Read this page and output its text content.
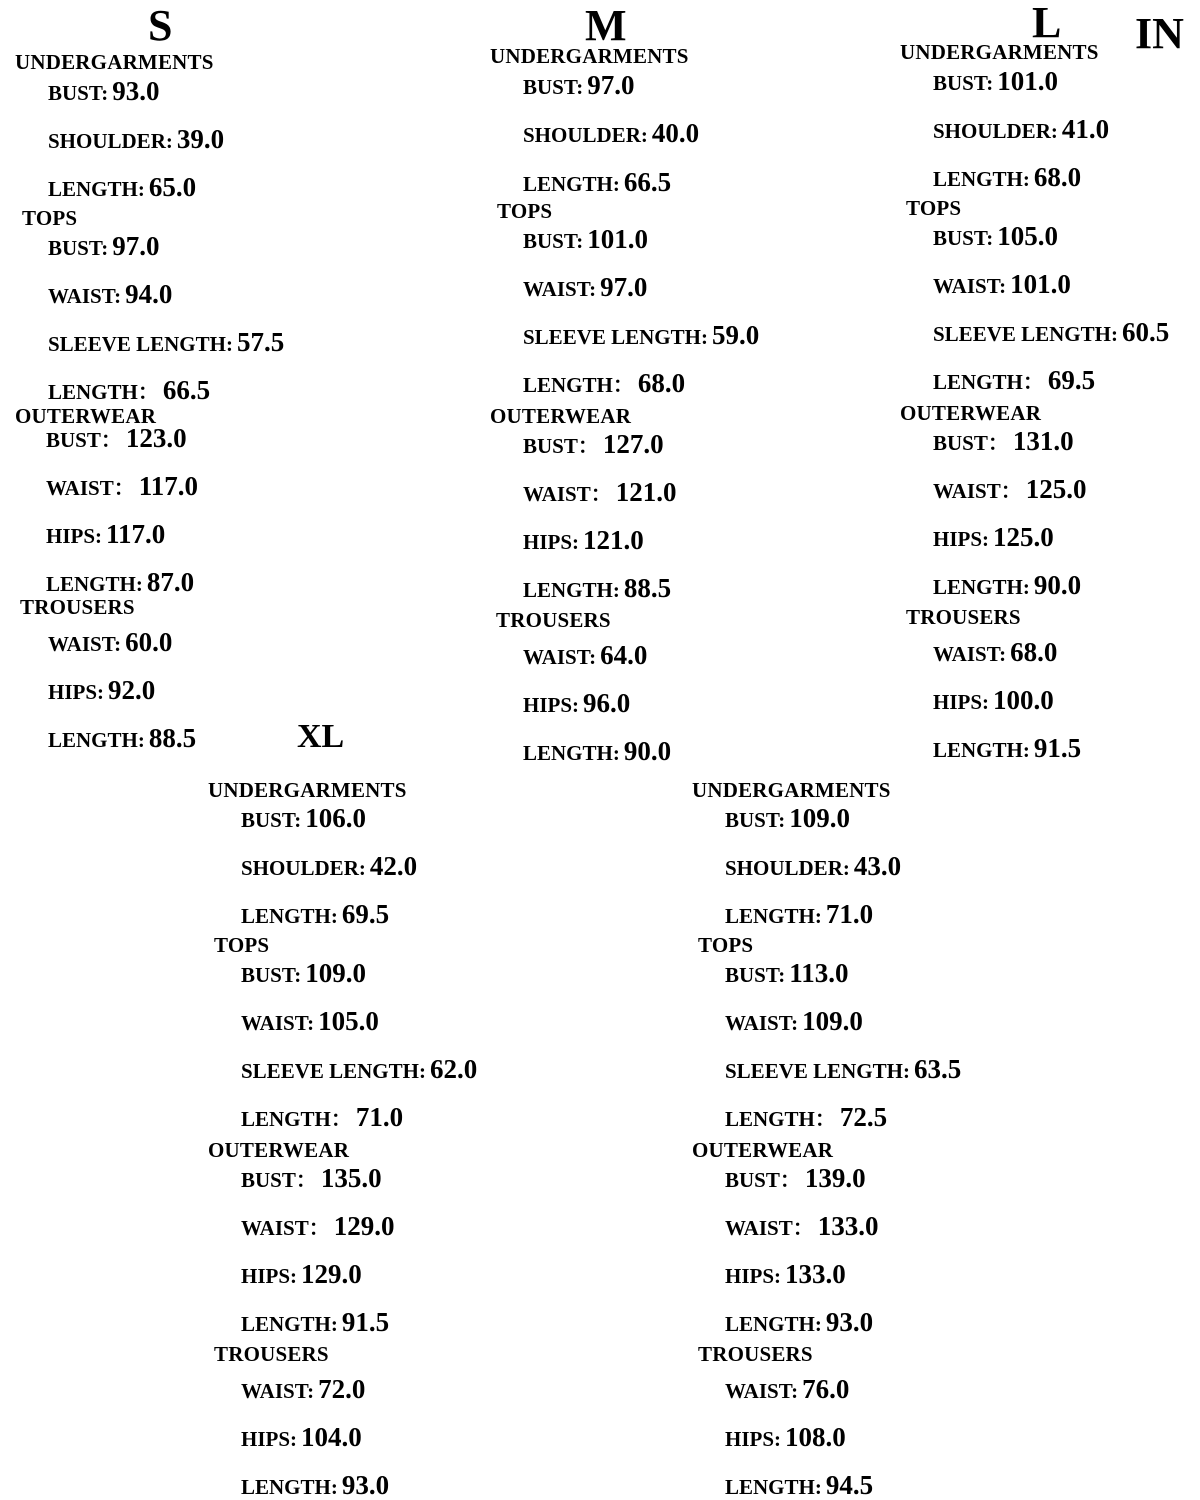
IN
S
UNDERGARMENTS
BUST: 93.0
SHOULDER: 39.0
LENGTH: 65.0
TOPS
BUST: 97.0
WAIST: 94.0
SLEEVE LENGTH: 57.5
LENGTH： 66.5
OUTERWEAR
BUST： 123.0
WAIST： 117.0
HIPS: 117.0
LENGTH: 87.0
TROUSERS
WAIST: 60.0
HIPS: 92.0
LENGTH: 88.5
M
UNDERGARMENTS
BUST: 97.0
SHOULDER: 40.0
LENGTH: 66.5
TOPS
BUST: 101.0
WAIST: 97.0
SLEEVE LENGTH: 59.0
LENGTH： 68.0
OUTERWEAR
BUST： 127.0
WAIST： 121.0
HIPS: 121.0
LENGTH: 88.5
TROUSERS
WAIST: 64.0
HIPS: 96.0
LENGTH: 90.0
L
UNDERGARMENTS
BUST: 101.0
SHOULDER: 41.0
LENGTH: 68.0
TOPS
BUST: 105.0
WAIST: 101.0
SLEEVE LENGTH: 60.5
LENGTH： 69.5
OUTERWEAR
BUST： 131.0
WAIST： 125.0
HIPS: 125.0
LENGTH: 90.0
TROUSERS
WAIST: 68.0
HIPS: 100.0
LENGTH: 91.5
XL
UNDERGARMENTS
BUST: 106.0
SHOULDER: 42.0
LENGTH: 69.5
TOPS
BUST: 109.0
WAIST: 105.0
SLEEVE LENGTH: 62.0
LENGTH： 71.0
OUTERWEAR
BUST： 135.0
WAIST： 129.0
HIPS: 129.0
LENGTH: 91.5
TROUSERS
WAIST: 72.0
HIPS: 104.0
LENGTH: 93.0
UNDERGARMENTS
BUST: 109.0
SHOULDER: 43.0
LENGTH: 71.0
TOPS
BUST: 113.0
WAIST: 109.0
SLEEVE LENGTH: 63.5
LENGTH： 72.5
OUTERWEAR
BUST： 139.0
WAIST： 133.0
HIPS: 133.0
LENGTH: 93.0
TROUSERS
WAIST: 76.0
HIPS: 108.0
LENGTH: 94.5
